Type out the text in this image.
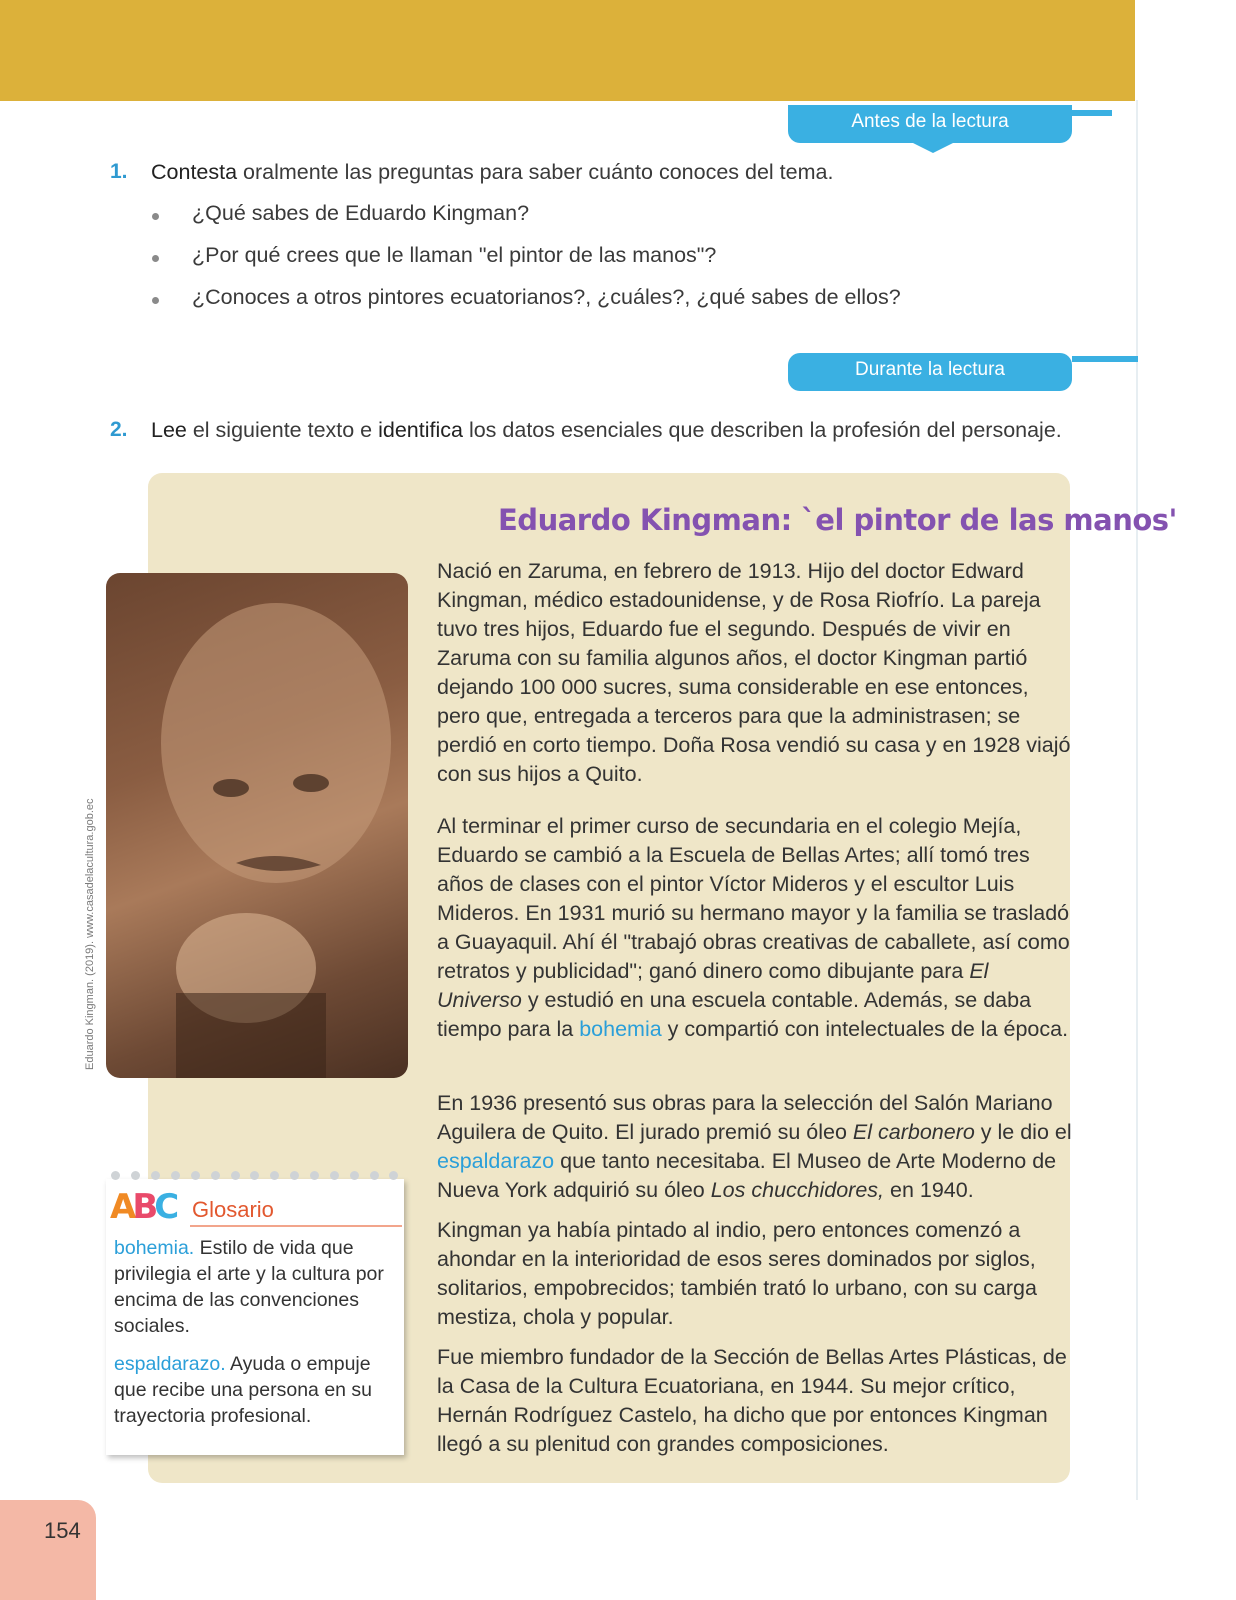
Antes de la lectura
1. Contesta oralmente las preguntas para saber cuánto conoces del tema.
¿Qué sabes de Eduardo Kingman?
¿Por qué crees que le llaman "el pintor de las manos"?
¿Conoces a otros pintores ecuatorianos?, ¿cuáles?, ¿qué sabes de ellos?
Durante la lectura
2. Lee el siguiente texto e identifica los datos esenciales que describen la profesión del personaje.
Eduardo Kingman: `el pintor de las manos'
Eduardo Kingman. (2019). www.casadelacultura.gob.ec
Nació en Zaruma, en febrero de 1913. Hijo del doctor Edward Kingman, médico estadounidense, y de Rosa Riofrío. La pareja tuvo tres hijos, Eduardo fue el segundo. Después de vivir en Zaruma con su familia algunos años, el doctor Kingman partió dejando 100 000 sucres, suma considerable en ese entonces, pero que, entregada a terceros para que la administrasen; se perdió en corto tiempo. Doña Rosa vendió su casa y en 1928 viajó con sus hijos a Quito.
Al terminar el primer curso de secundaria en el colegio Mejía, Eduardo se cambió a la Escuela de Bellas Artes; allí tomó tres años de clases con el pintor Víctor Mideros y el escultor Luis Mideros. En 1931 murió su hermano mayor y la familia se trasladó a Guayaquil. Ahí él "trabajó obras creativas de caballete, así como retratos y publicidad"; ganó dinero como dibujante para El Universo y estudió en una escuela contable. Además, se daba tiempo para la bohemia y compartió con intelectuales de la época.
En 1936 presentó sus obras para la selección del Salón Mariano Aguilera de Quito. El jurado premió su óleo El carbonero y le dio el espaldarazo que tanto necesitaba. El Museo de Arte Moderno de Nueva York adquirió su óleo Los chucchidores, en 1940.
Kingman ya había pintado al indio, pero entonces comenzó a ahondar en la interioridad de esos seres dominados por siglos, solitarios, empobrecidos; también trató lo urbano, con su carga mestiza, chola y popular.
Fue miembro fundador de la Sección de Bellas Artes Plásticas, de la Casa de la Cultura Ecuatoriana, en 1944. Su mejor crítico, Hernán Rodríguez Castelo, ha dicho que por entonces Kingman llegó a su plenitud con grandes composiciones.
ABC Glosario
bohemia. Estilo de vida que privilegia el arte y la cultura por encima de las convenciones sociales.
espaldarazo. Ayuda o empuje que recibe una persona en su trayectoria profesional.
154
